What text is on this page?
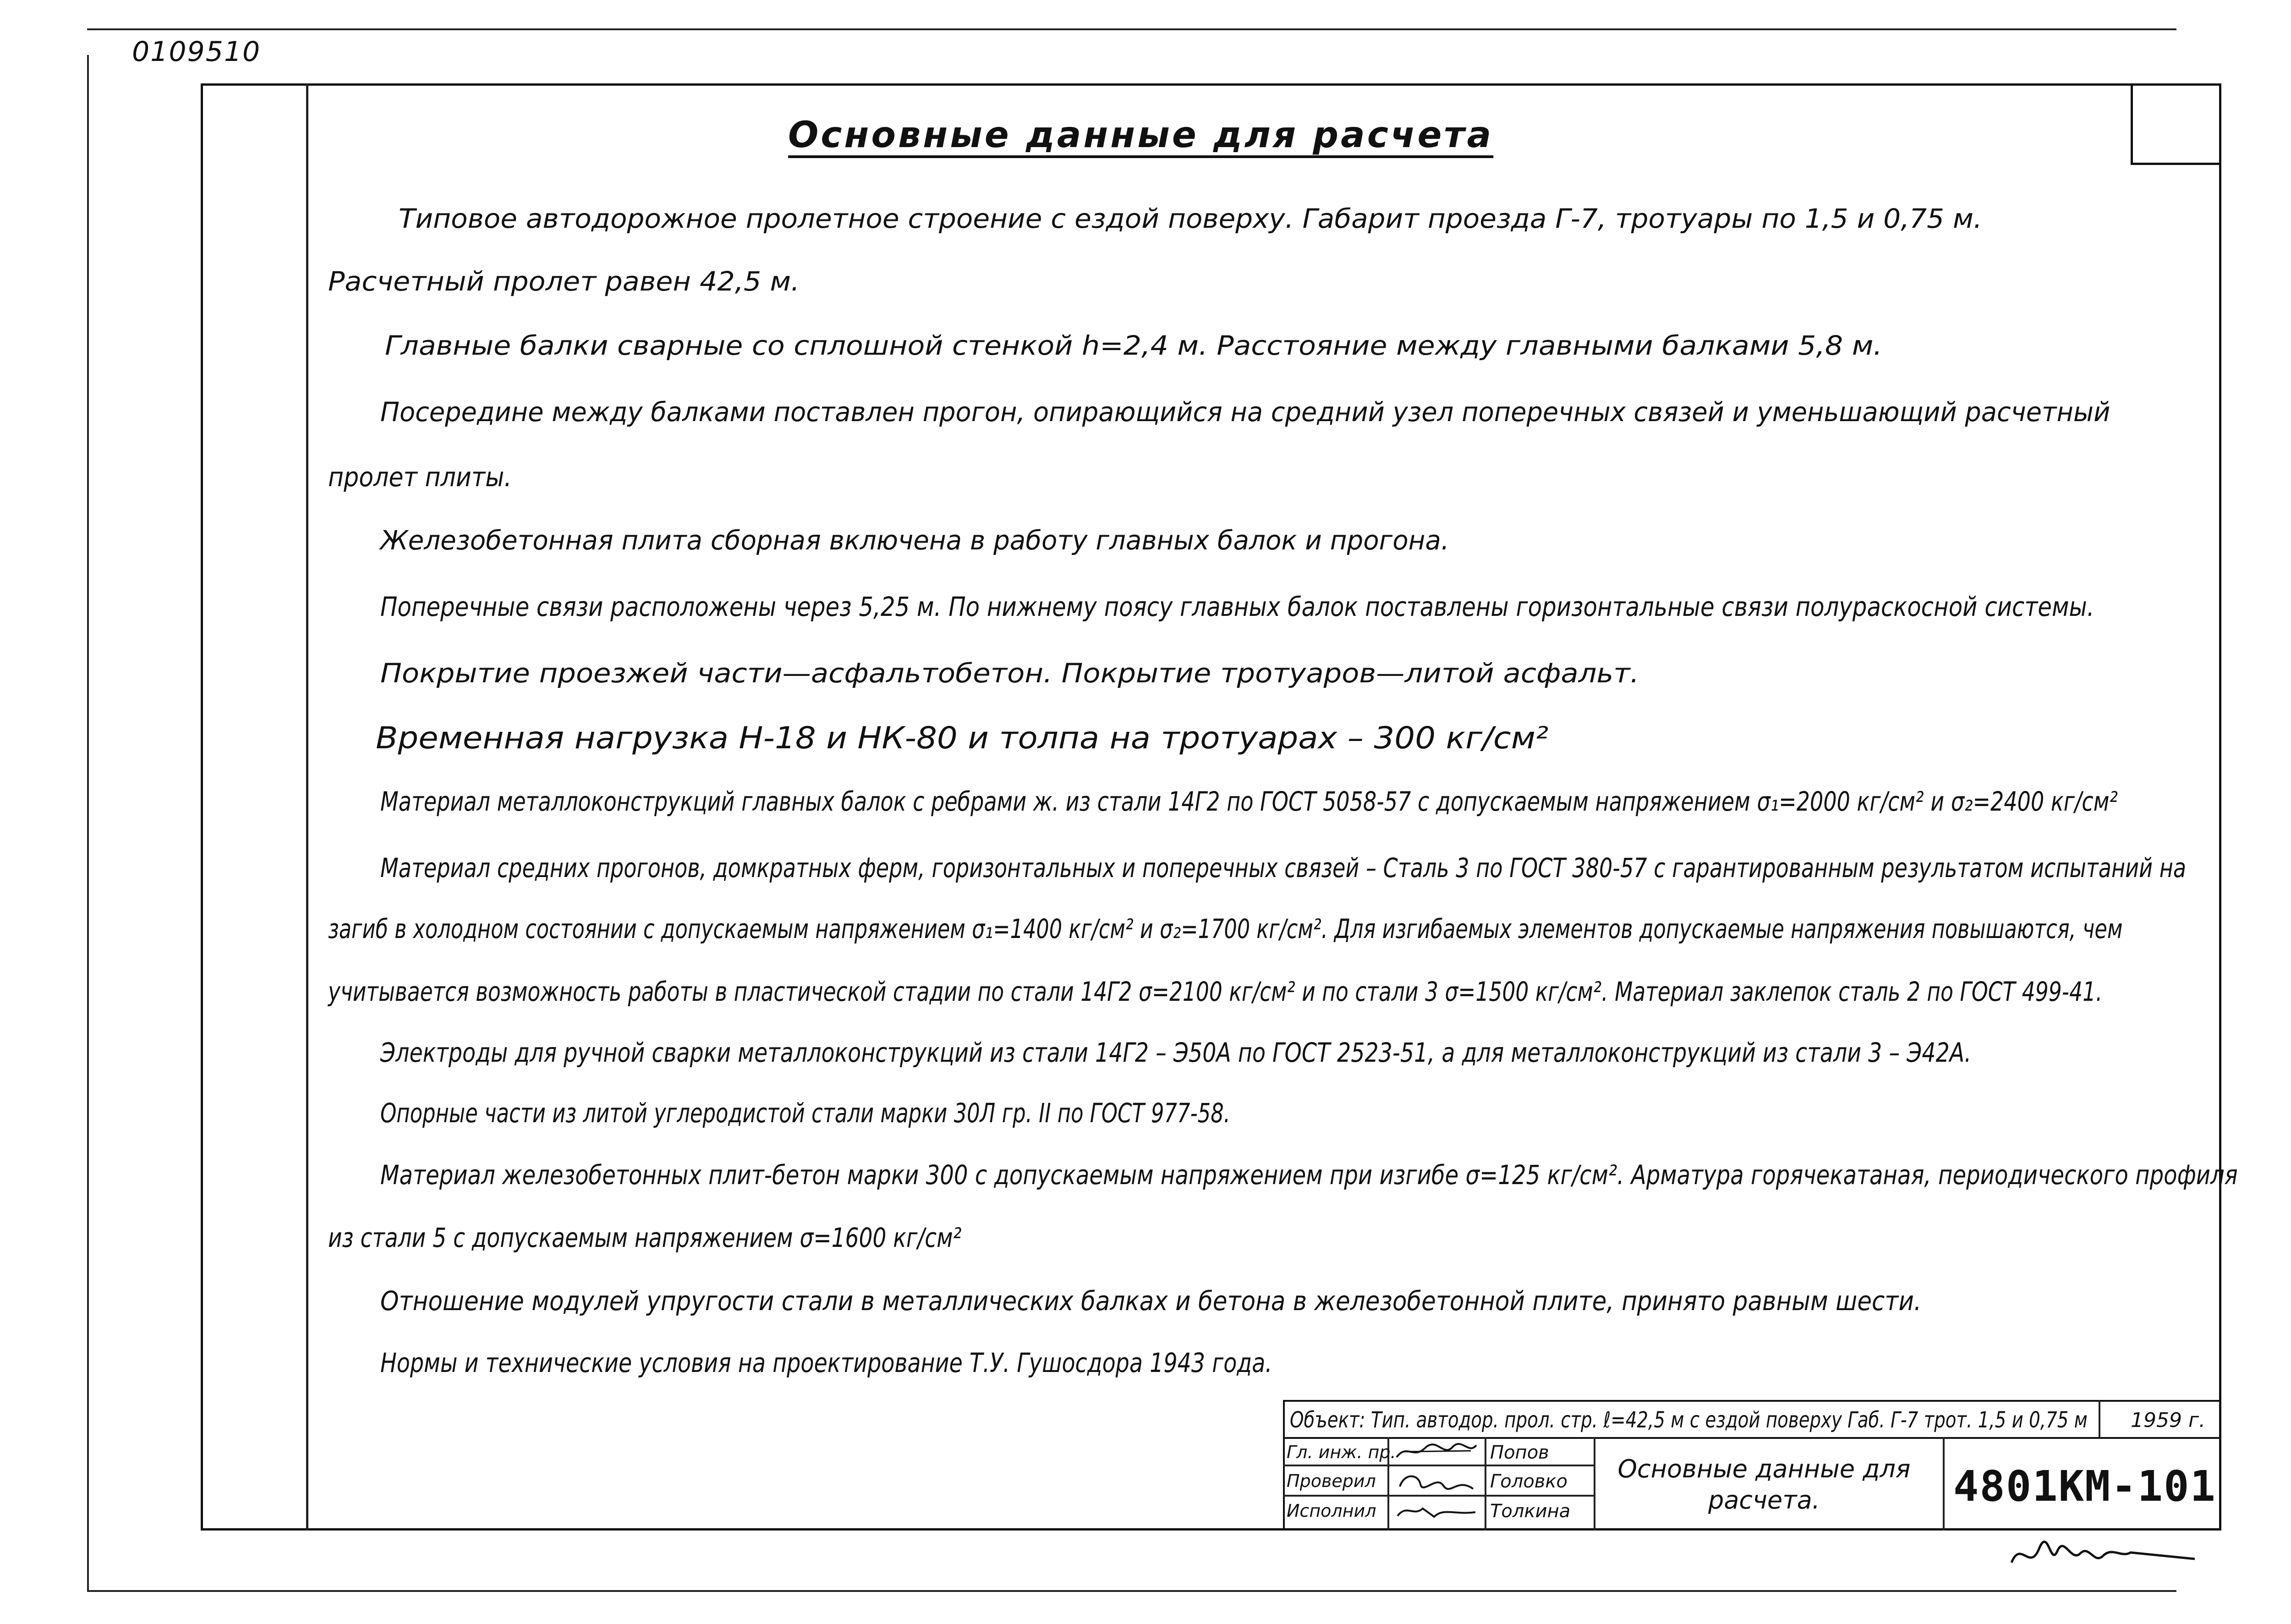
0109510
Основные данные для расчета
Типовое автодорожное пролетное строение с ездой поверху. Габарит проезда Г-7, тротуары по 1,5 и 0,75 м.
Расчетный пролет равен 42,5 м.
Главные балки сварные со сплошной стенкой h=2,4 м. Расстояние между главными балками 5,8 м.
Посередине между балками поставлен прогон, опирающийся на средний узел поперечных связей и уменьшающий расчетный
пролет плиты.
Железобетонная плита сборная включена в работу главных балок и прогона.
Поперечные связи расположены через 5,25 м. По нижнему поясу главных балок поставлены горизонтальные связи полураскосной системы.
Покрытие проезжей части—асфальтобетон. Покрытие тротуаров—литой асфальт.
Временная нагрузка Н-18 и НК-80 и толпа на тротуарах – 300 кг/см²
Материал металлоконструкций главных балок с ребрами ж. из стали 14Г2 по ГОСТ 5058-57 с допускаемым напряжением σ₁=2000 кг/см² и σ₂=2400 кг/см²
Материал средних прогонов, домкратных ферм, горизонтальных и поперечных связей – Сталь 3 по ГОСТ 380-57 с гарантированным результатом испытаний на
загиб в холодном состоянии с допускаемым напряжением σ₁=1400 кг/см² и σ₂=1700 кг/см². Для изгибаемых элементов допускаемые напряжения повышаются, чем
учитывается возможность работы в пластической стадии по стали 14Г2 σ=2100 кг/см² и по стали 3 σ=1500 кг/см². Материал заклепок сталь 2 по ГОСТ 499-41.
Электроды для ручной сварки металлоконструкций из стали 14Г2 – Э50А по ГОСТ 2523-51, а для металлоконструкций из стали 3 – Э42А.
Опорные части из литой углеродистой стали марки 30Л гр. II по ГОСТ 977-58.
Материал железобетонных плит-бетон марки 300 с допускаемым напряжением при изгибе σ=125 кг/см². Арматура горячекатаная, периодического профиля
из стали 5 с допускаемым напряжением σ=1600 кг/см²
Отношение модулей упругости стали в металлических балках и бетона в железобетонной плите, принято равным шести.
Нормы и технические условия на проектирование Т.У. Гушосдора 1943 года.
Объект: Тип. автодор. прол. стр. ℓ=42,5 м с ездой поверху Габ. Г-7 трот. 1,5 и 0,75 м 1959 г.
Гл. инж. пр.
Проверил
Исполнил
Попов
Головко
Толкина
Основные данные для расчета.	4801КМ-101
